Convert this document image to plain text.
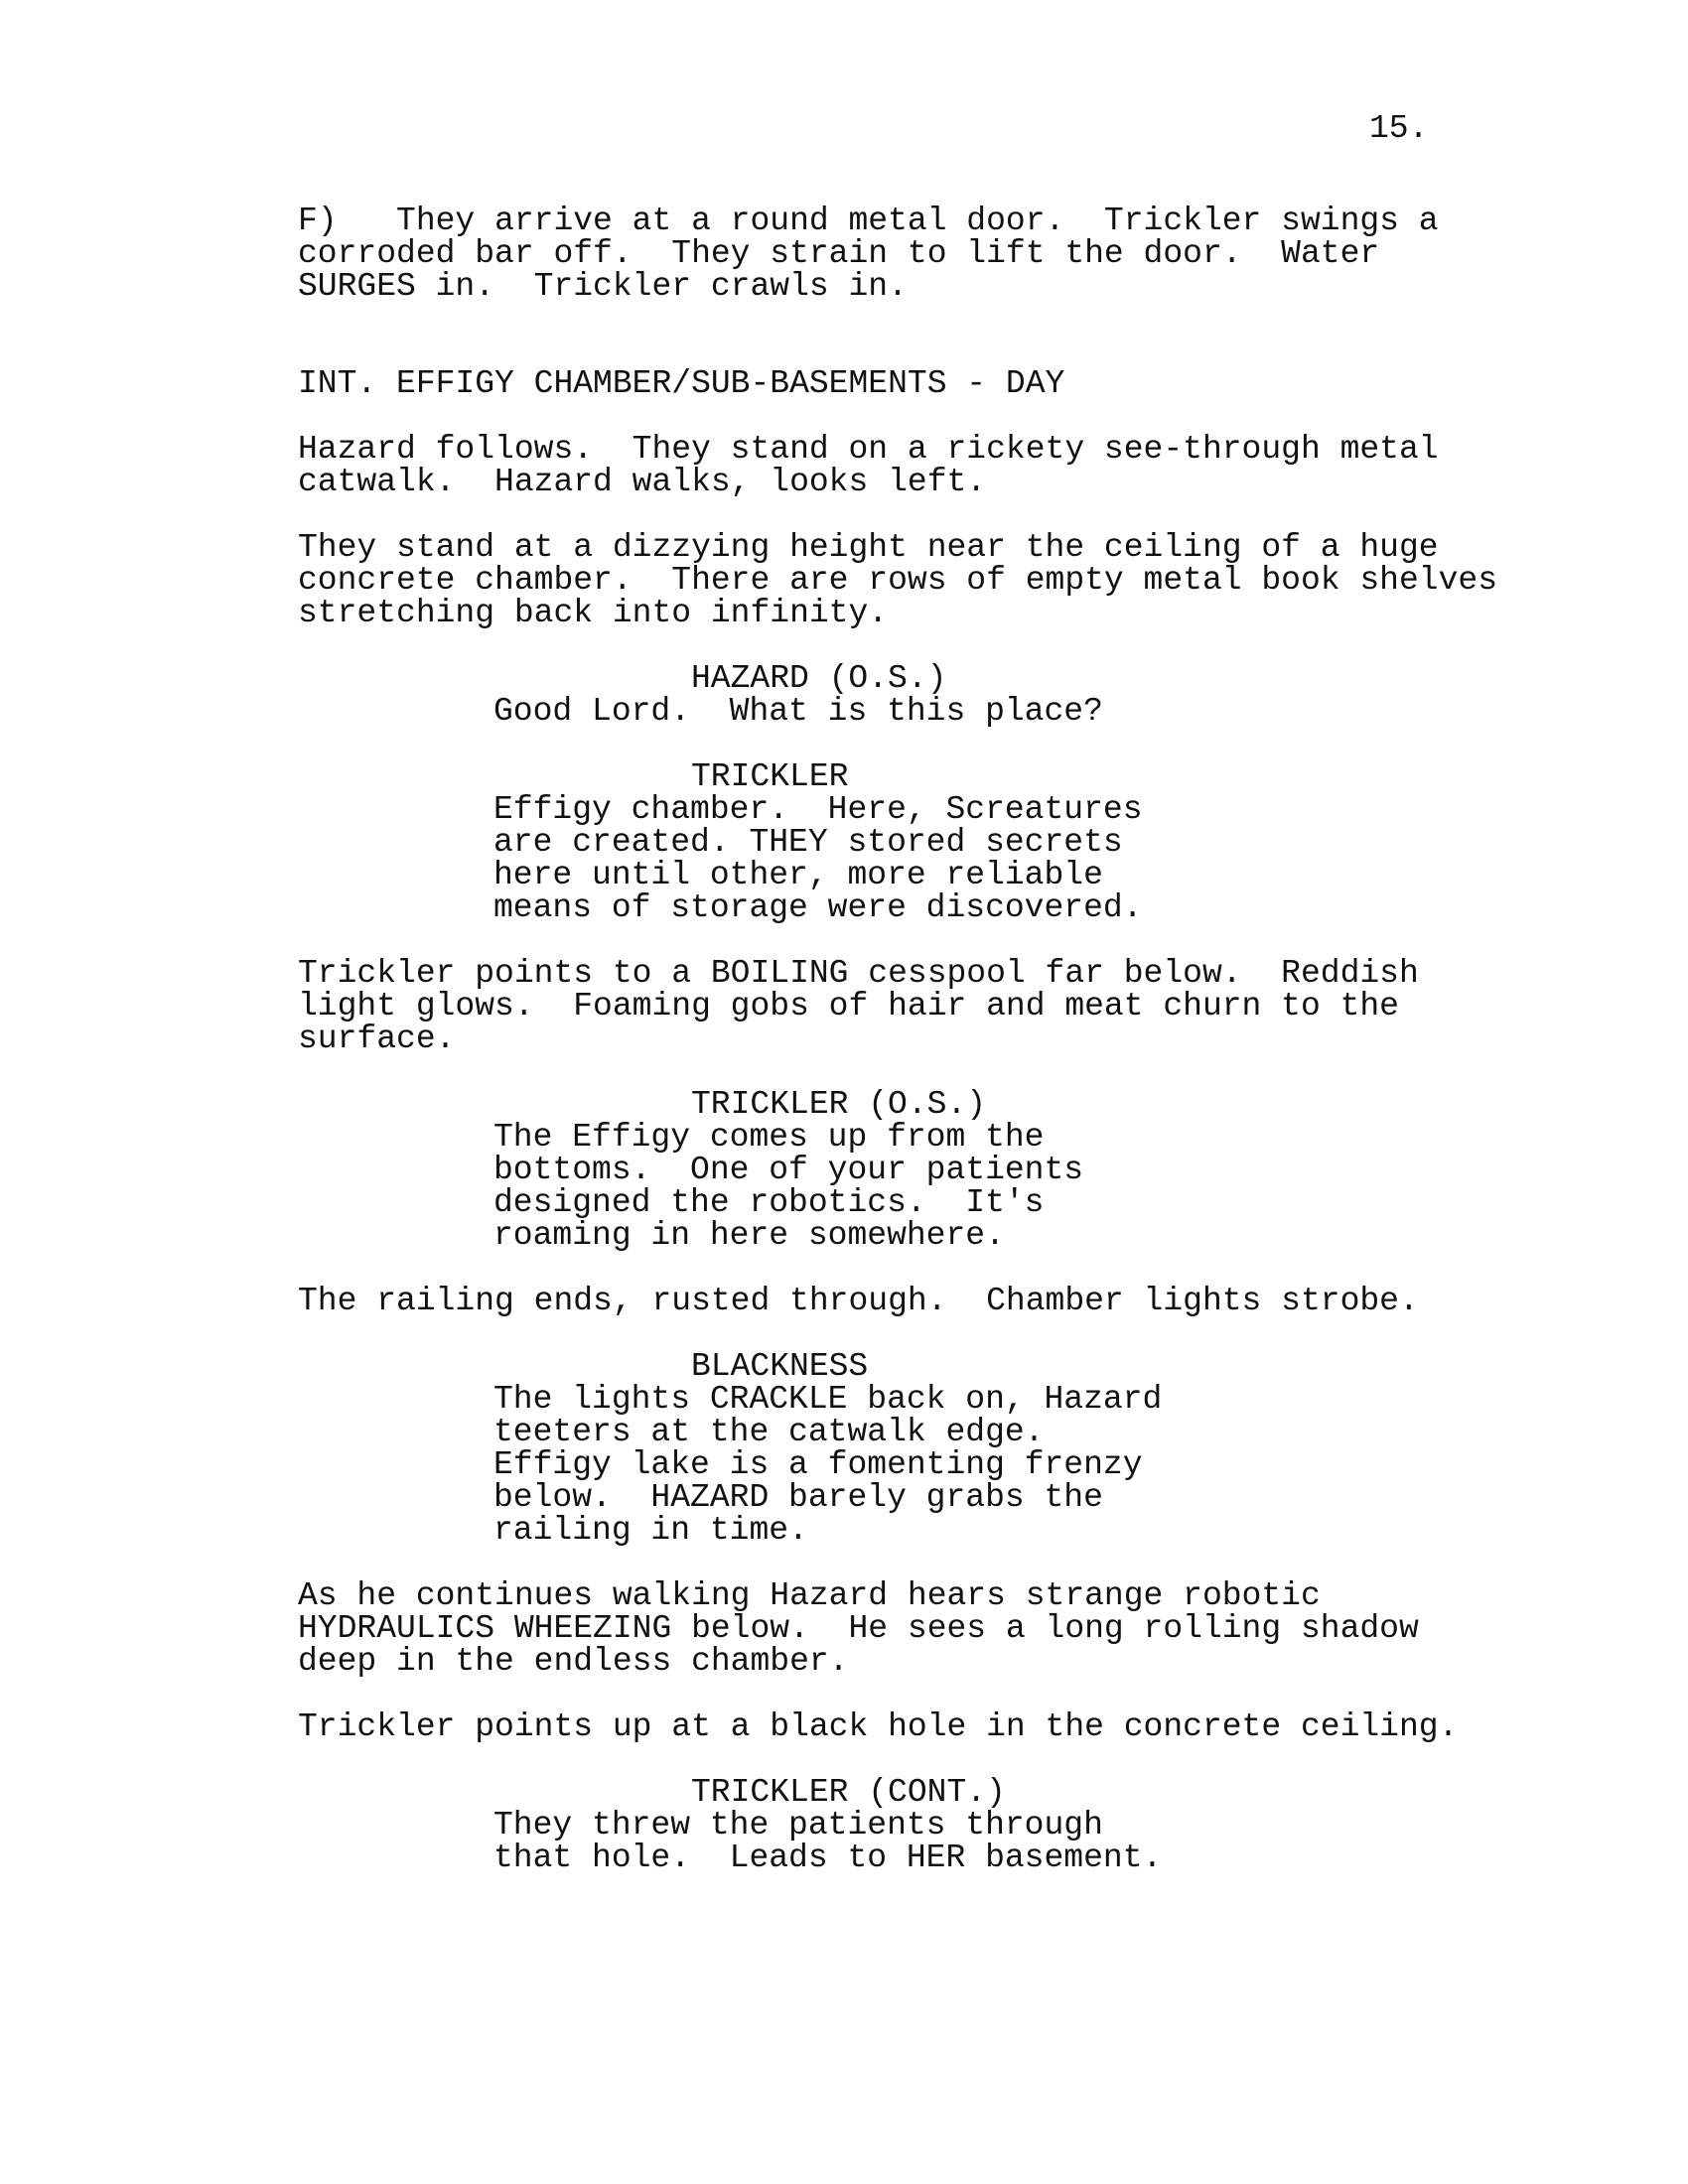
15.
F)   They arrive at a round metal door.  Trickler swings a
corroded bar off.  They strain to lift the door.  Water
SURGES in.  Trickler crawls in.
INT. EFFIGY CHAMBER/SUB-BASEMENTS - DAY
Hazard follows.  They stand on a rickety see-through metal
catwalk.  Hazard walks, looks left.
They stand at a dizzying height near the ceiling of a huge
concrete chamber.  There are rows of empty metal book shelves
stretching back into infinity.
HAZARD (O.S.)
Good Lord.  What is this place?
TRICKLER
Effigy chamber.  Here, Screatures
are created. THEY stored secrets
here until other, more reliable
means of storage were discovered.
Trickler points to a BOILING cesspool far below.  Reddish
light glows.  Foaming gobs of hair and meat churn to the
surface.
TRICKLER (O.S.)
The Effigy comes up from the
bottoms.  One of your patients
designed the robotics.  It's
roaming in here somewhere.
The railing ends, rusted through.  Chamber lights strobe.
BLACKNESS
The lights CRACKLE back on, Hazard
teeters at the catwalk edge.
Effigy lake is a fomenting frenzy
below.  HAZARD barely grabs the
railing in time.
As he continues walking Hazard hears strange robotic
HYDRAULICS WHEEZING below.  He sees a long rolling shadow
deep in the endless chamber.
Trickler points up at a black hole in the concrete ceiling.
TRICKLER (CONT.)
They threw the patients through
that hole.  Leads to HER basement.
